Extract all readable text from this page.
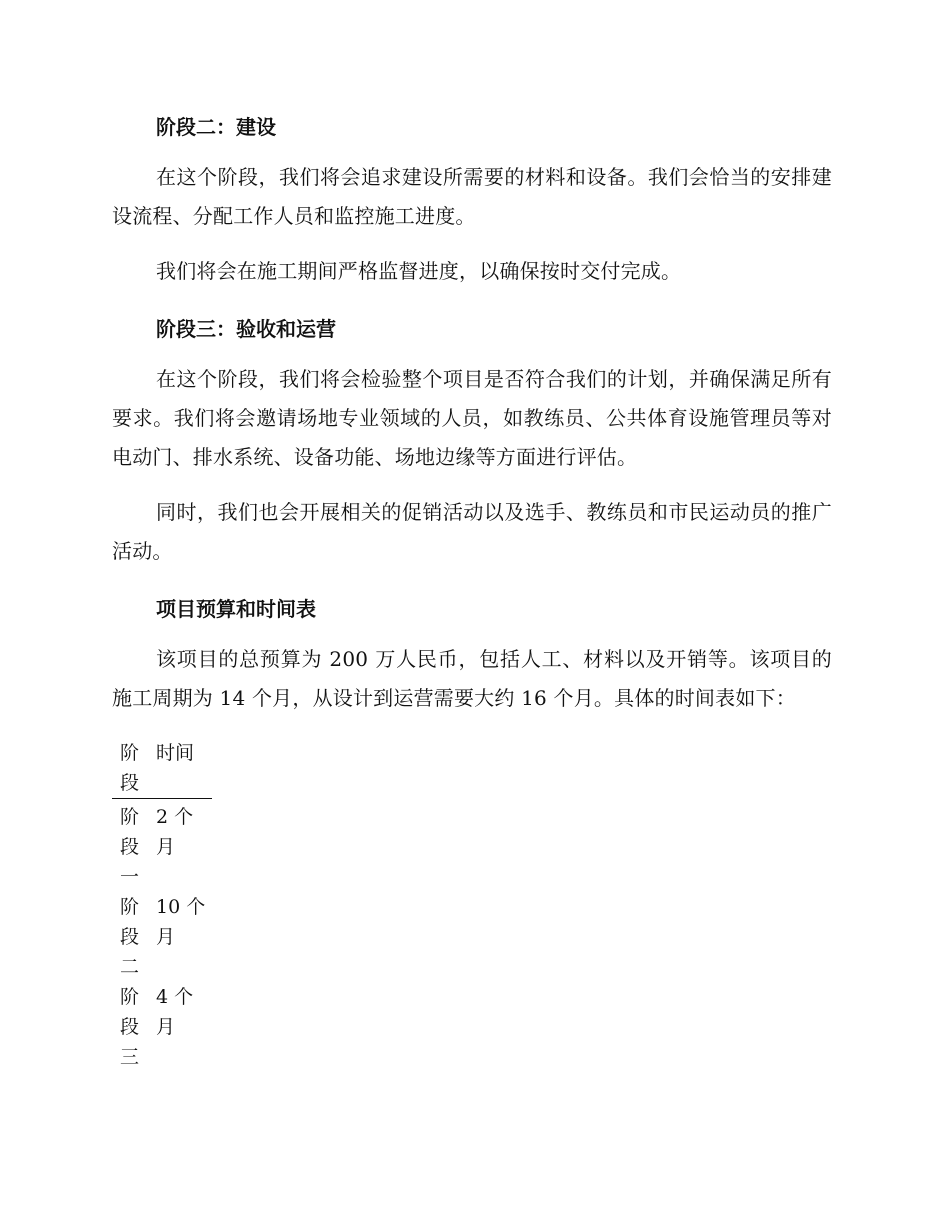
阶段二：建设

在这个阶段，我们将会追求建设所需要的材料和设备。我们会恰当的安排建设流程、分配工作人员和监控施工进度。

我们将会在施工期间严格监督进度，以确保按时交付完成。

阶段三：验收和运营

在这个阶段，我们将会检验整个项目是否符合我们的计划，并确保满足所有要求。我们将会邀请场地专业领域的人员，如教练员、公共体育设施管理员等对电动门、排水系统、设备功能、场地边缘等方面进行评估。

同时，我们也会开展相关的促销活动以及选手、教练员和市民运动员的推广活动。

项目预算和时间表

该项目的总预算为 200 万人民币，包括人工、材料以及开销等。该项目的施工周期为 14 个月，从设计到运营需要大约 16 个月。具体的时间表如下：

阶段	时间
阶段一	2 个月
阶段二	10 个月
阶段三	4 个月
